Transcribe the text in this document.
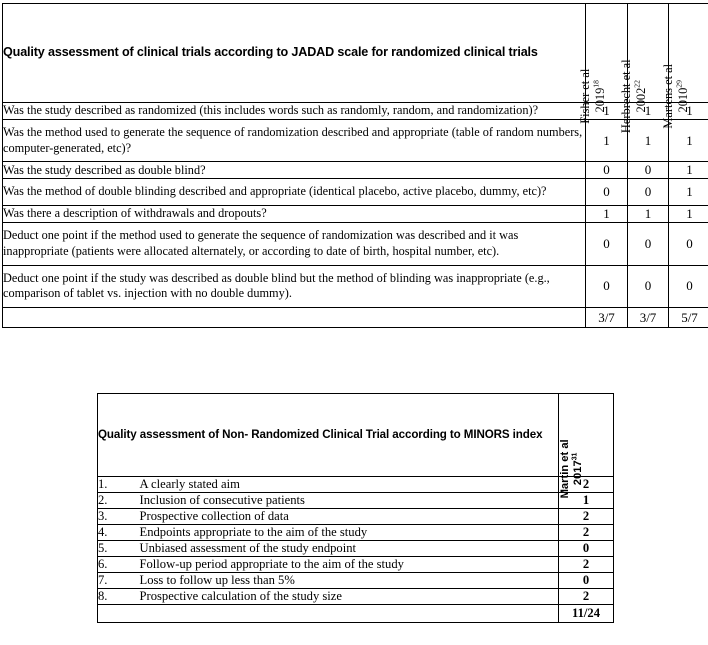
Quality assessment of clinical trials according to JADAD scale for randomized clinical trials	Fisher et al 2019$^{18}$	Herbrecht et al 2002$^{22}$	Martens et al 2010$^{29}$

Was the study described as randomized (this includes words such as randomly, random, and randomization)?	1	1	1
Was the method used to generate the sequence of randomization described and appropriate (table of random numbers, computer-generated, etc)?	1	1	1
Was the study described as double blind?	0	0	1
Was the method of double blinding described and appropriate (identical placebo, active placebo, dummy, etc)?	0	0	1
Was there a description of withdrawals and dropouts?	1	1	1
Deduct one point if the method used to generate the sequence of randomization was described and it was inappropriate (patients were allocated alternately, or according to date of birth, hospital number, etc).	0	0	0
Deduct one point if the study was described as double blind but the method of blinding was inappropriate (e.g., comparison of tablet vs. injection with no double dummy).	0	0	0
	3/7	3/7	5/7
Quality assessment of Non- Randomized Clinical Trial according to MINORS index		Martin et al 2017$^{31}$

1.	A clearly stated aim	2
2.	Inclusion of consecutive patients	1
3.	Prospective collection of data	2
4.	Endpoints appropriate to the aim of the study	2
5.	Unbiased assessment of the study endpoint	0
6.	Follow-up period appropriate to the aim of the study	2
7.	Loss to follow up less than 5%	0
8.	Prospective calculation of the study size	2
		11/24
